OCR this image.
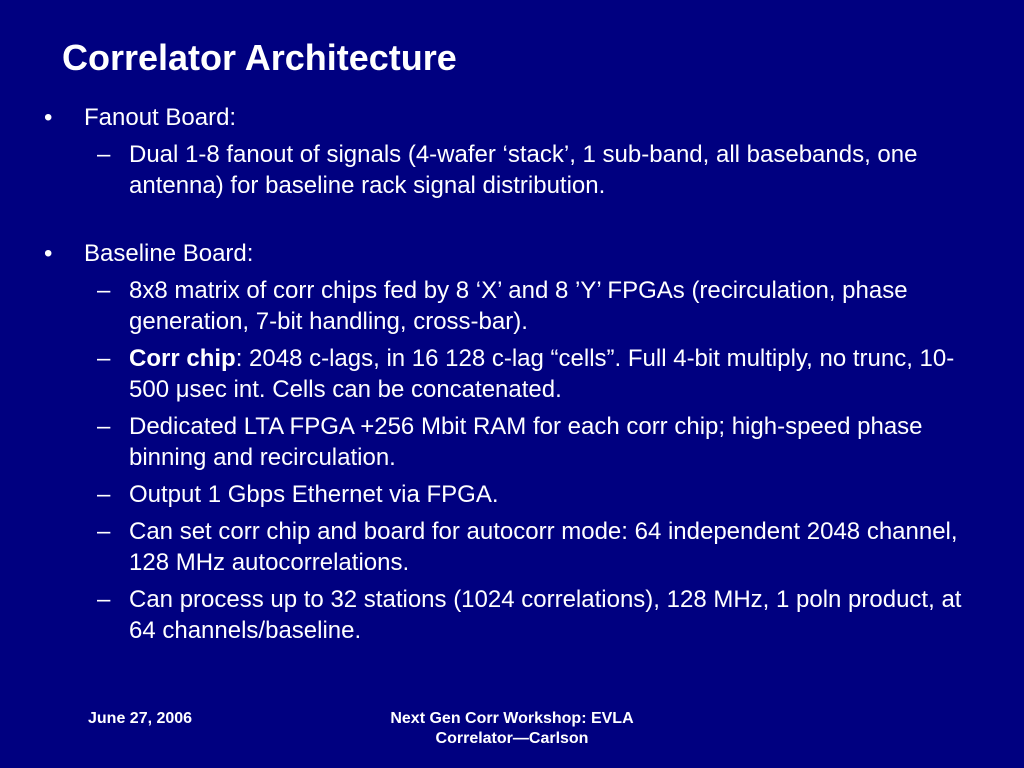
Correlator Architecture
• Fanout Board:
– Dual 1-8 fanout of signals (4-wafer ‘stack’, 1 sub-band, all basebands, one antenna) for baseline rack signal distribution.
• Baseline Board:
– 8x8 matrix of corr chips fed by 8 ‘X’ and 8 ’Y’ FPGAs (recirculation, phase generation, 7-bit handling, cross-bar).
– Corr chip: 2048 c-lags, in 16 128 c-lag “cells”. Full 4-bit multiply, no trunc, 10-500 μsec int. Cells can be concatenated.
– Dedicated LTA FPGA +256 Mbit RAM for each corr chip; high-speed phase binning and recirculation.
– Output 1 Gbps Ethernet via FPGA.
– Can set corr chip and board for autocorr mode: 64 independent 2048 channel, 128 MHz autocorrelations.
– Can process up to 32 stations (1024 correlations), 128 MHz, 1 poln product, at 64 channels/baseline.
June 27, 2006	Next Gen Corr Workshop: EVLA
Correlator—Carlson
